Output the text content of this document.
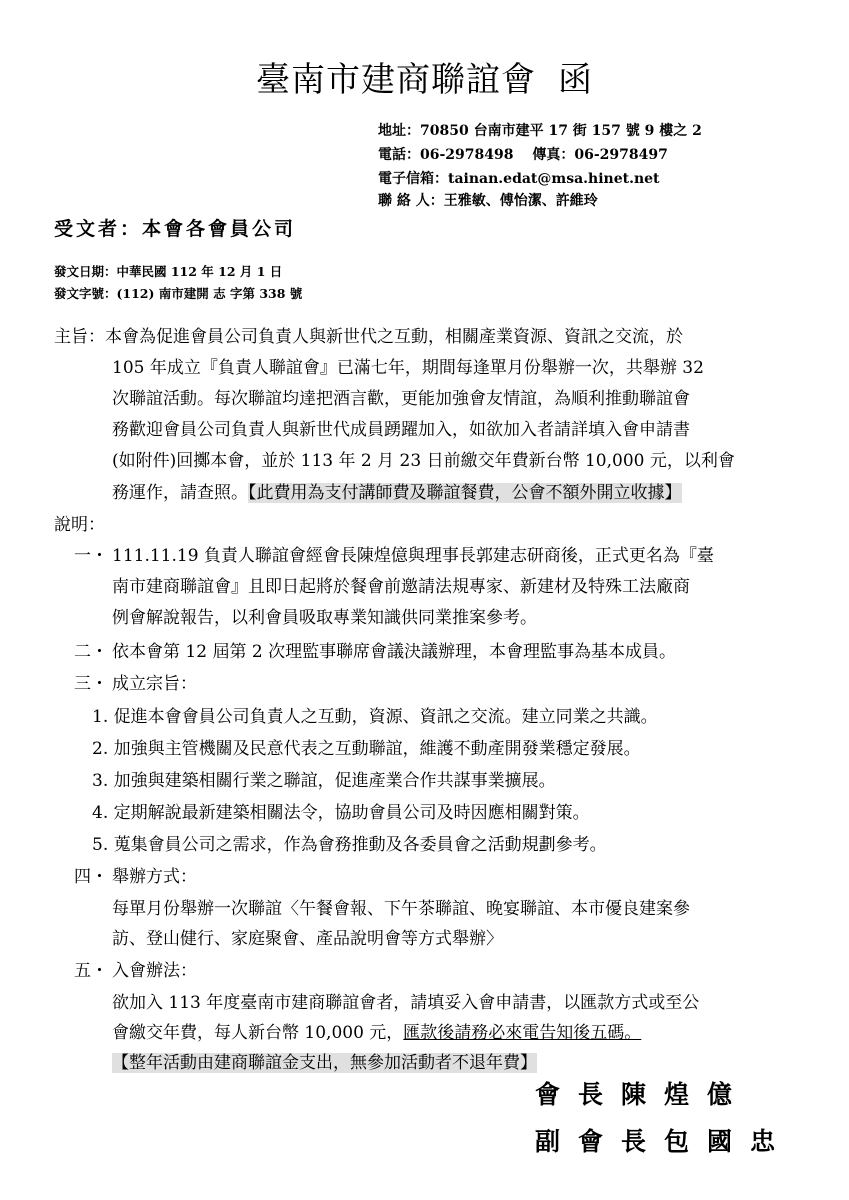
臺南市建商聯誼會 函
地址：70850 台南市建平 17 街 157 號 9 樓之 2
電話：06-2978498　 傳真：06-2978497
電子信箱：tainan.edat@msa.hinet.net
聯 絡 人：王雅敏、傅怡潔、許維玲
受文者：本會各會員公司
發文日期：中華民國 112 年 12 月 1 日
發文字號：(112) 南市建開 志 字第 338 號
主旨：本會為促進會員公司負責人與新世代之互動，相關產業資源、資訊之交流，於
105 年成立『負責人聯誼會』已滿七年，期間每逢單月份舉辦一次，共舉辦 32
次聯誼活動。每次聯誼均達把酒言歡，更能加強會友情誼，為順利推動聯誼會
務歡迎會員公司負責人與新世代成員踴躍加入，如欲加入者請詳填入會申請書
(如附件)回擲本會，並於 113 年 2 月 23 日前繳交年費新台幣 10,000 元，以利會
務運作，請查照。【此費用為支付講師費及聯誼餐費，公會不額外開立收據】
說明：
一・ 111.11.19 負責人聯誼會經會長陳煌億與理事長郭建志研商後，正式更名為『臺
南市建商聯誼會』且即日起將於餐會前邀請法規專家、新建材及特殊工法廠商
例會解說報告，以利會員吸取專業知識供同業推案參考。
二・ 依本會第 12 屆第 2 次理監事聯席會議決議辦理，本會理監事為基本成員。
三・ 成立宗旨：
1. 促進本會會員公司負責人之互動，資源、資訊之交流。建立同業之共識。
2. 加強與主管機關及民意代表之互動聯誼，維護不動產開發業穩定發展。
3. 加強與建築相關行業之聯誼，促進產業合作共謀事業擴展。
4. 定期解說最新建築相關法令，協助會員公司及時因應相關對策。
5. 蒐集會員公司之需求，作為會務推動及各委員會之活動規劃參考。
四・ 舉辦方式：
每單月份舉辦一次聯誼〈午餐會報、下午茶聯誼、晚宴聯誼、本市優良建案參
訪、登山健行、家庭聚會、產品說明會等方式舉辦〉
五・ 入會辦法：
欲加入 113 年度臺南市建商聯誼會者，請填妥入會申請書，以匯款方式或至公
會繳交年費，每人新台幣 10,000 元，匯款後請務必來電告知後五碼。
【整年活動由建商聯誼金支出，無參加活動者不退年費】
會長陳煌億
副會長包國忠
